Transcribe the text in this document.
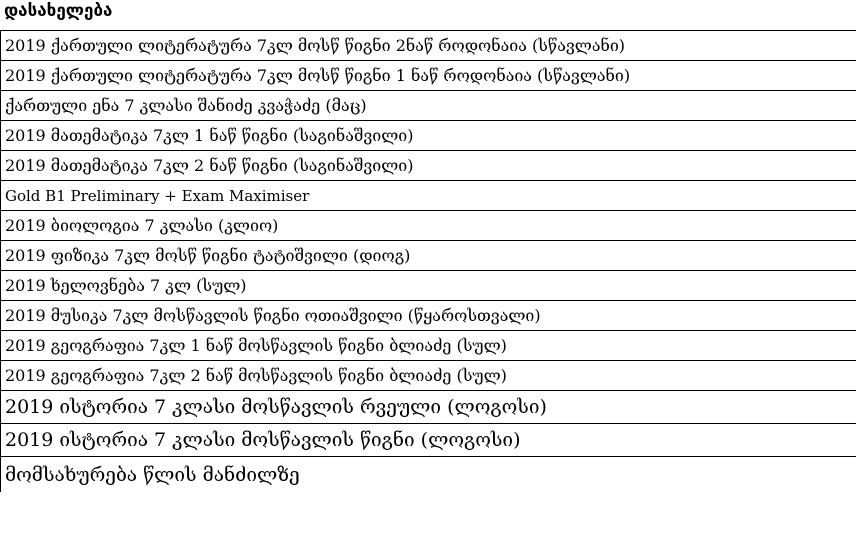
დასახელება
2019 ქართული ლიტერატურა 7კლ მოსწ წიგნი 2ნაწ როდონაია (სწავლანი)
2019 ქართული ლიტერატურა 7კლ მოსწ წიგნი 1 ნაწ როდონაია (სწავლანი)
ქართული ენა 7 კლასი შანიძე კვაჭაძე (მაც)
2019 მათემატიკა 7კლ 1 ნაწ წიგნი (საგინაშვილი)
2019 მათემატიკა 7კლ 2 ნაწ წიგნი (საგინაშვილი)
Gold B1 Preliminary + Exam Maximiser
2019 ბიოლოგია 7 კლასი (კლიო)
2019 ფიზიკა 7კლ მოსწ წიგნი ტატიშვილი (დიოგ)
2019 ხელოვნება 7 კლ (სულ)
2019 მუსიკა 7კლ მოსწავლის წიგნი ოთიაშვილი (წყაროსთვალი)
2019 გეოგრაფია 7კლ 1 ნაწ მოსწავლის წიგნი ბლიაძე (სულ)
2019 გეოგრაფია 7კლ 2 ნაწ მოსწავლის წიგნი ბლიაძე (სულ)
2019 ისტორია 7 კლასი მოსწავლის რვეული (ლოგოსი)
2019 ისტორია 7 კლასი მოსწავლის წიგნი (ლოგოსი)
მომსახურება წლის მანძილზე
